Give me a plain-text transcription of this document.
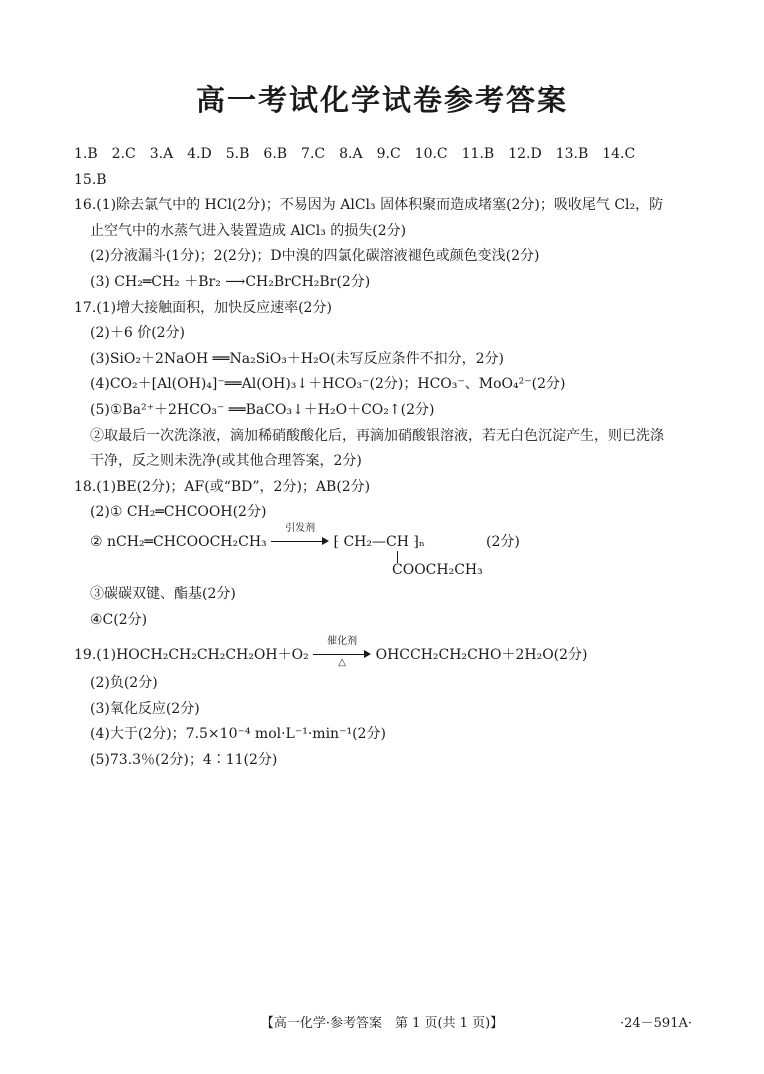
高一考试化学试卷参考答案
1.B　2.C　3.A　4.D　5.B　6.B　7.C　8.A　9.C　10.C　11.B　12.D　13.B　14.C
15.B
16.(1)除去氯气中的 HCl(2分)；不易因为 AlCl₃ 固体积聚而造成堵塞(2分)；吸收尾气 Cl₂，防
止空气中的水蒸气进入装置造成 AlCl₃ 的损失(2分)
(2)分液漏斗(1分)；2(2分)；D中溴的四氯化碳溶液褪色或颜色变浅(2分)
(3) CH₂═CH₂ ＋Br₂ ⟶CH₂BrCH₂Br(2分)
17.(1)增大接触面积，加快反应速率(2分)
(2)＋6 价(2分)
(3)SiO₂＋2NaOH ══Na₂SiO₃＋H₂O(未写反应条件不扣分，2分)
(4)CO₂＋[Al(OH)₄]⁻══Al(OH)₃↓＋HCO₃⁻(2分)；HCO₃⁻、MoO₄²⁻(2分)
(5)①Ba²⁺＋2HCO₃⁻ ══BaCO₃↓＋H₂O＋CO₂↑(2分)
②取最后一次洗涤液，滴加稀硝酸酸化后，再滴加硝酸银溶液，若无白色沉淀产生，则已洗涤
干净，反之则未洗净(或其他合理答案，2分)
18.(1)BE(2分)；AF(或“BD”，2分)；AB(2分)
(2)① CH₂═CHCOOH(2分)
② nCH₂═CHCOOCH₂CH₃
引发剂
⁅ CH₂—CH ⁆ₙ
COOCH₂CH₃
(2分)
③碳碳双键、酯基(2分)
④C(2分)
19.(1)HOCH₂CH₂CH₂CH₂OH＋O₂
催化剂
△	OHCCH₂CH₂CHO＋2H₂O(2分)
(2)负(2分)
(3)氧化反应(2分)
(4)大于(2分)；7.5×10⁻⁴ mol·L⁻¹·min⁻¹(2分)
(5)73.3％(2分)；4∶11(2分)
【高一化学·参考答案　第 1 页(共 1 页)】	·24－591A·
